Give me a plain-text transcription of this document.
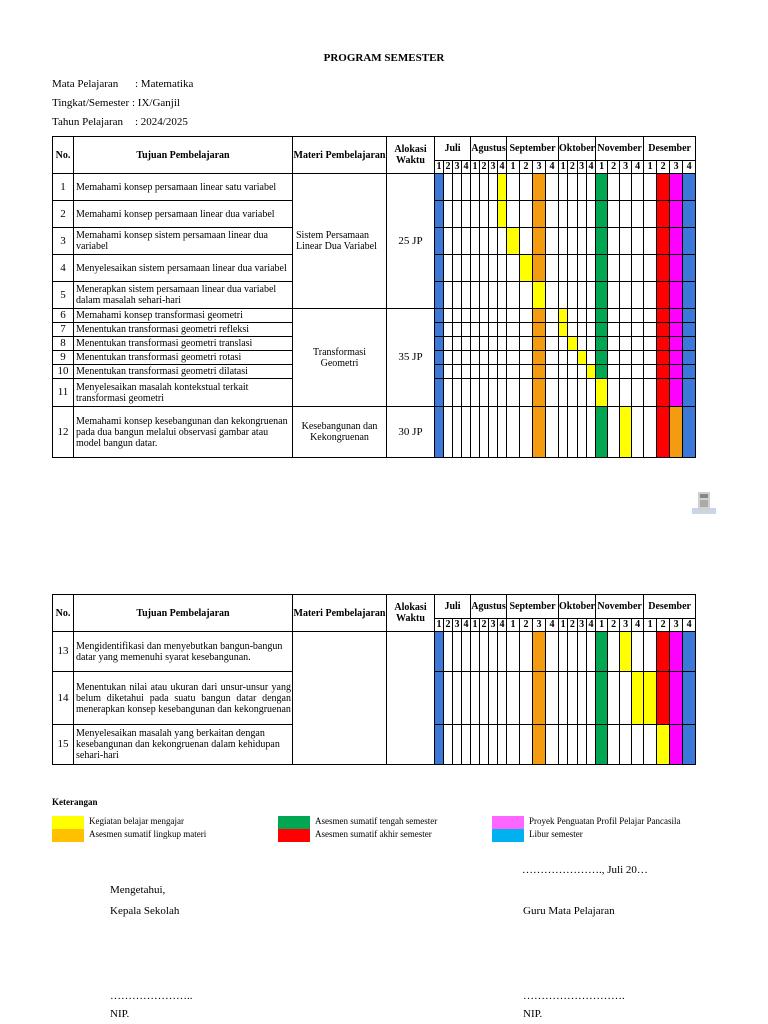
PROGRAM SEMESTER
Mata Pelajaran : Matematika
Tingkat/Semester : IX/Ganjil
Tahun Pelajaran : 2024/2025
No.	Tujuan Pembelajaran	Materi Pembelajaran	Alokasi Waktu	Juli				Agustus				September				Oktober				November				Desember			
				1	2	3	4	1	2	3	4	1	2	3	4	1	2	3	4	1	2	3	4	1	2	3	4
1	Memahami konsep persamaan linear satu variabel	Sistem Persamaan Linear Dua Variabel	25 JP																								
2	Memahami konsep persamaan linear dua variabel																										
3	Memahami konsep sistem persamaan linear dua variabel																										
4	Menyelesaikan sistem persamaan linear dua variabel																										
5	Menerapkan sistem persamaan linear dua variabel dalam masalah sehari-hari																										
6	Memahami konsep transformasi geometri	Transformasi Geometri	35 JP																								
7	Menentukan transformasi geometri refleksi																										
8	Menentukan transformasi geometri translasi																										
9	Menentukan transformasi geometri rotasi																										
10	Menentukan transformasi geometri dilatasi																										
11	Menyelesaikan masalah kontekstual terkait transformasi geometri																										
12	Memahami konsep kesebangunan dan kekongruenan pada dua bangun melalui observasi gambar atau model bangun datar.	Kesebangunan dan Kekongruenan	30 JP																								
No.	Tujuan Pembelajaran	Materi Pembelajaran	Alokasi Waktu	Juli				Agustus				September				Oktober				November				Desember			
				1	2	3	4	1	2	3	4	1	2	3	4	1	2	3	4	1	2	3	4	1	2	3	4
13	Mengidentifikasi dan menyebutkan bangun-bangun datar yang memenuhi syarat kesebangunan.																										
14	Menentukan nilai atau ukuran dari unsur-unsur yang belum diketahui pada suatu bangun datar dengan menerapkan konsep kesebangunan dan kekongruenan																										
15	Menyelesaikan masalah yang berkaitan dengan kesebangunan dan kekongruenan dalam kehidupan sehari-hari																										
Keterangan
Kegiatan belajar mengajar
Asesmen sumatif lingkup materi
Asesmen sumatif tengah semester
Asesmen sumatif akhir semester
Proyek Penguatan Profil Pelajar Pancasila
Libur semester
…………………., Juli 20…
Mengetahui,
Kepala Sekolah	Guru Mata Pelajaran
…………………..	……………………….
NIP.	NIP.
